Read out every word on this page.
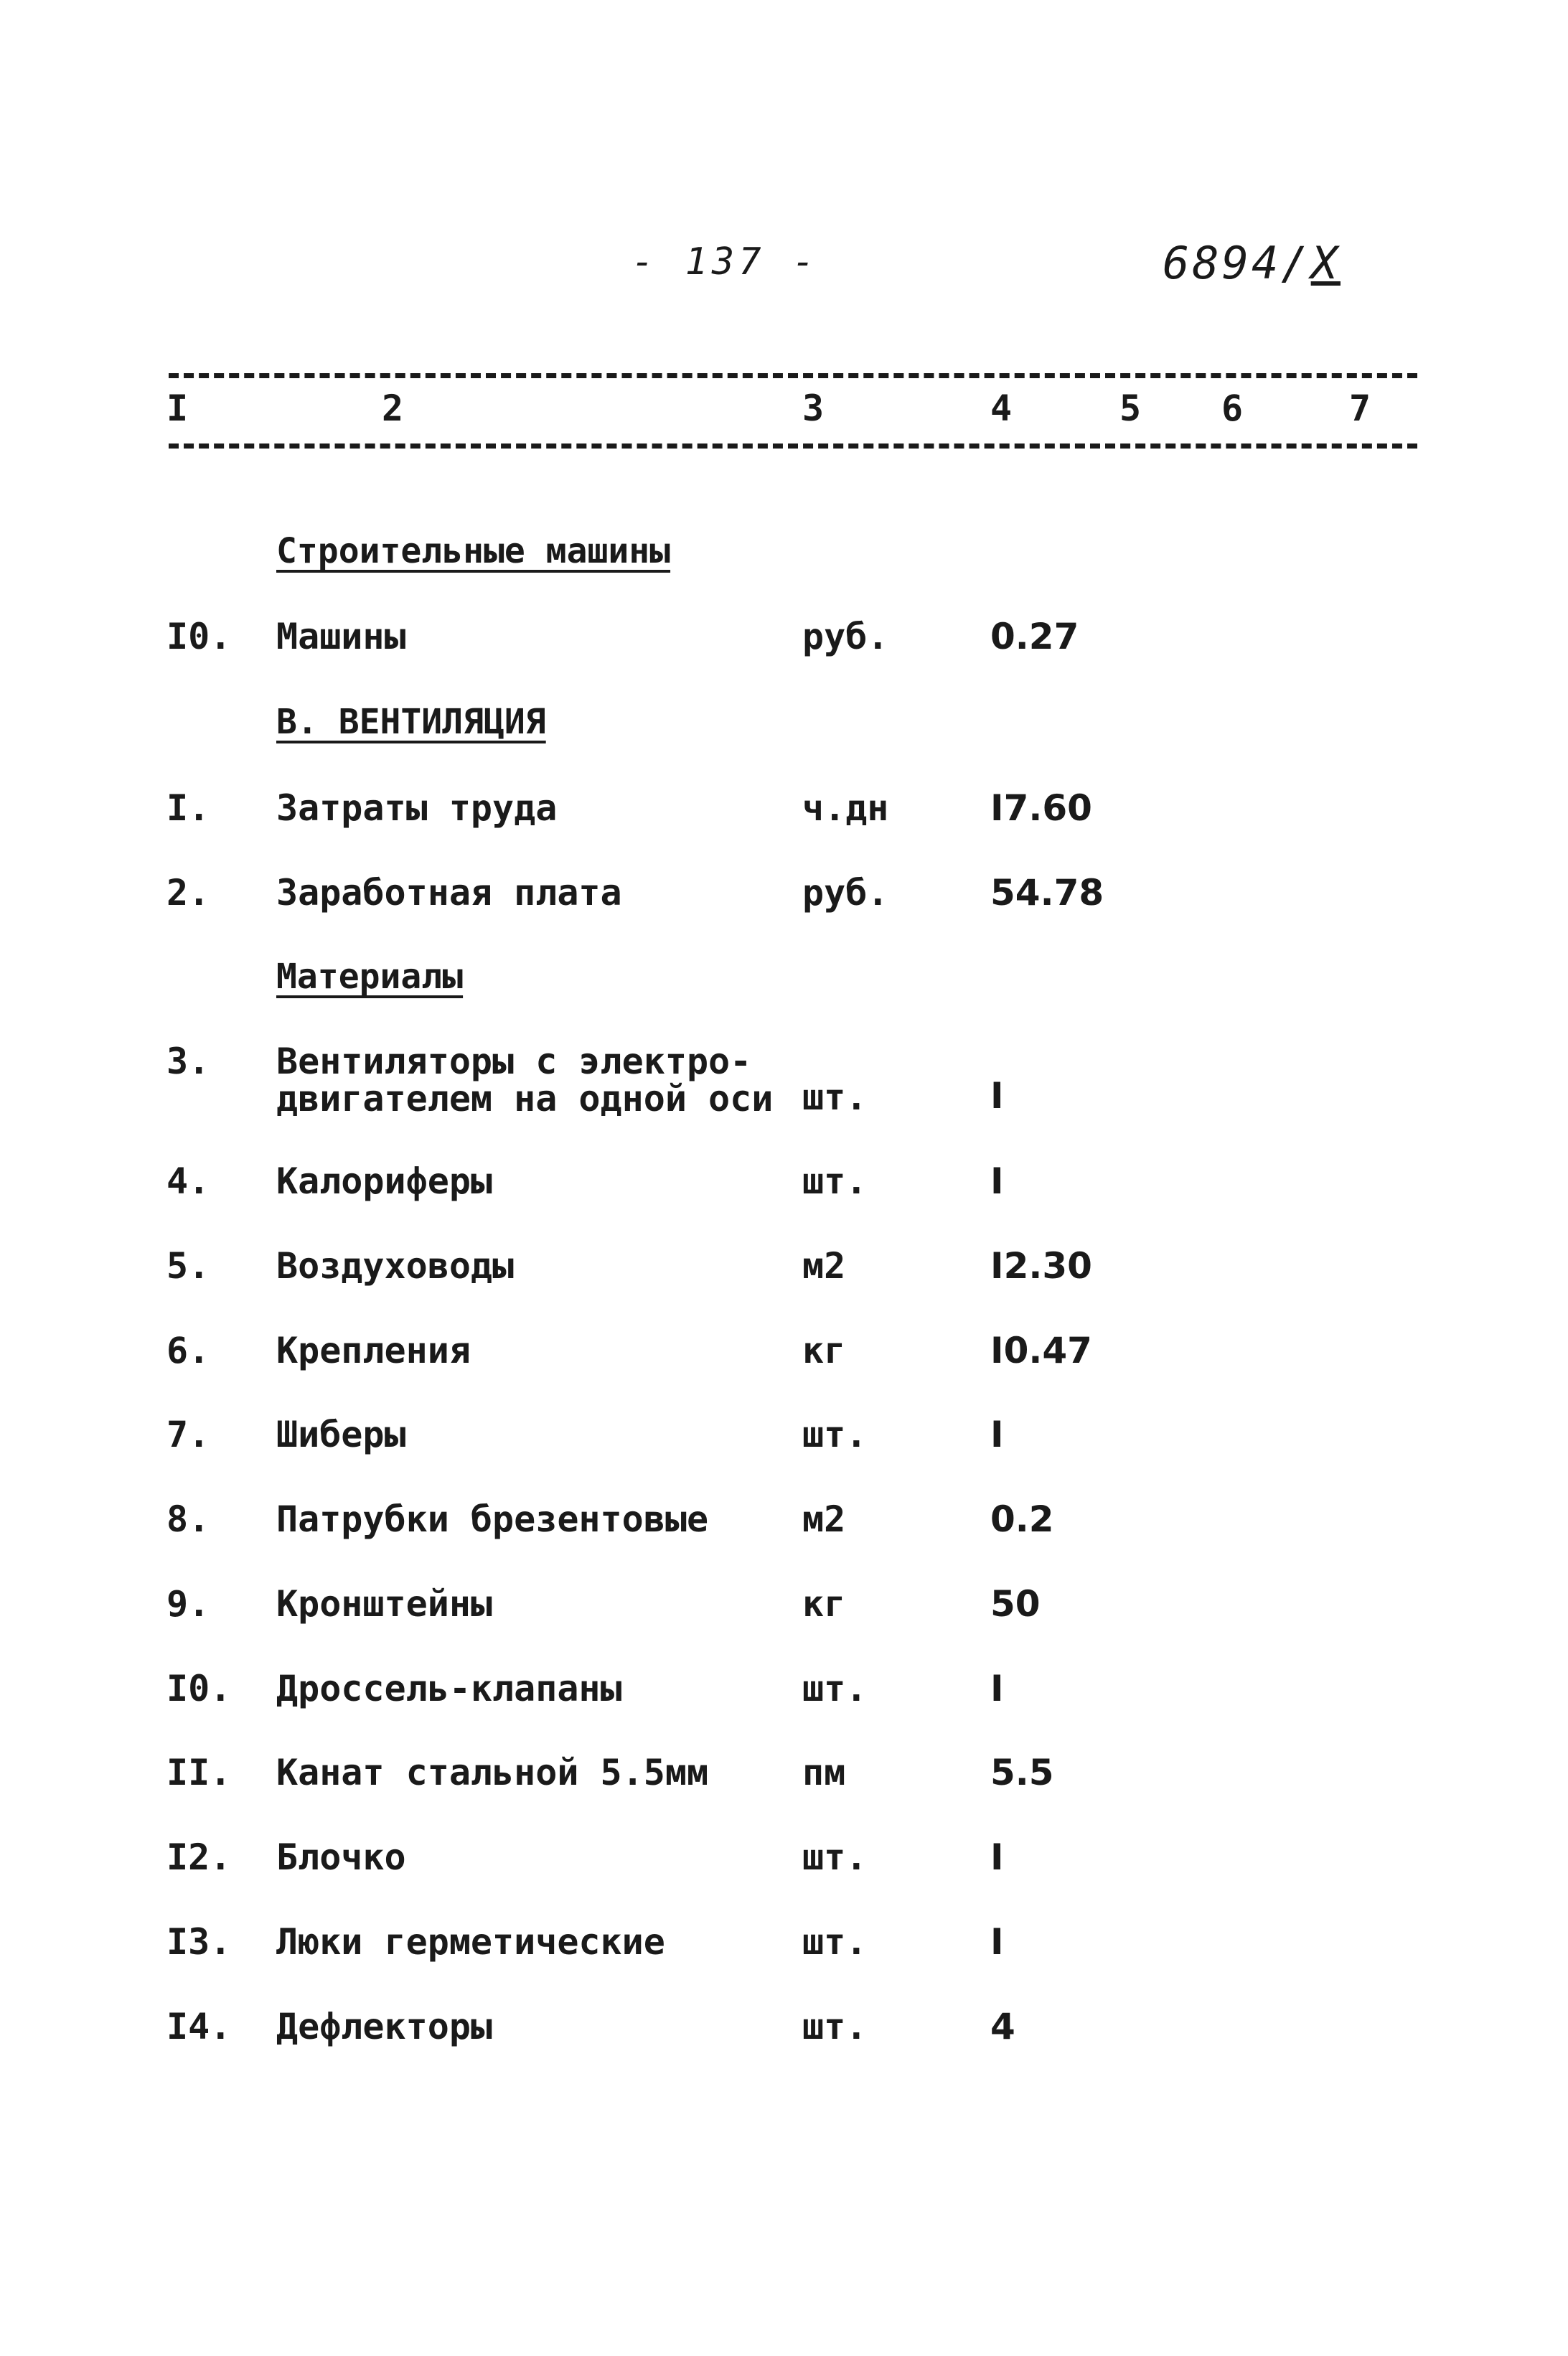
- 137 -	6894/X
I	2	3	4	5 6	7
Строительные машины
I0. Машины	руб.	0.27
В. ВЕНТИЛЯЦИЯ
I. Затраты труда	ч.дн	I7.60
2. Заработная плата	руб.	54.78
Материалы
3. Вентиляторы с электро-
двигателем на одной оси шт.	I
4. Калориферы	шт.	I
5. Воздуховоды	м2	I2.30
6. Крепления	кг	I0.47
7. Шиберы	шт.	I
8. Патрубки брезентовые	м2	0.2
9. Кронштейны	кг	50
I0. Дроссель-клапаны	шт.	I
II. Канат стальной 5.5мм	пм	5.5
I2. Блочко	шт.	I
I3. Люки герметические	шт.	I
I4. Дефлекторы	шт.	4
